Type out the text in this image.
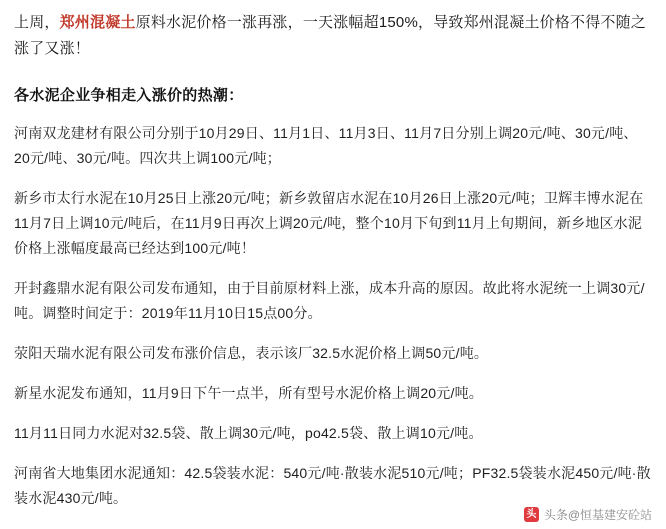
上周，郑州混凝土原料水泥价格一涨再涨，一天涨幅超150%，导致郑州混凝土价格不得不随之涨了又涨！

各水泥企业争相走入涨价的热潮：

河南双龙建材有限公司分别于10月29日、11月1日、11月3日、11月7日分别上调20元/吨、30元/吨、20元/吨、30元/吨。四次共上调100元/吨；

新乡市太行水泥在10月25日上涨20元/吨；新乡敦留店水泥在10月26日上涨20元/吨；卫辉丰博水泥在11月7日上调10元/吨后，在11月9日再次上调20元/吨，整个10月下旬到11月上旬期间，新乡地区水泥价格上涨幅度最高已经达到100元/吨！

开封鑫鼎水泥有限公司发布通知，由于目前原材料上涨，成本升高的原因。故此将水泥统一上调30元/吨。调整时间定于：2019年11月10日15点00分。

荥阳天瑞水泥有限公司发布涨价信息，表示该厂32.5水泥价格上调50元/吨。

新星水泥发布通知，11月9日下午一点半，所有型号水泥价格上调20元/吨。

11月11日同力水泥对32.5袋、散上调30元/吨，po42.5袋、散上调10元/吨。

河南省大地集团水泥通知：42.5袋装水泥：540元/吨·散装水泥510元/吨；PF32.5袋装水泥450元/吨·散装水泥430元/吨。

头 头条@恒基建安砼站
